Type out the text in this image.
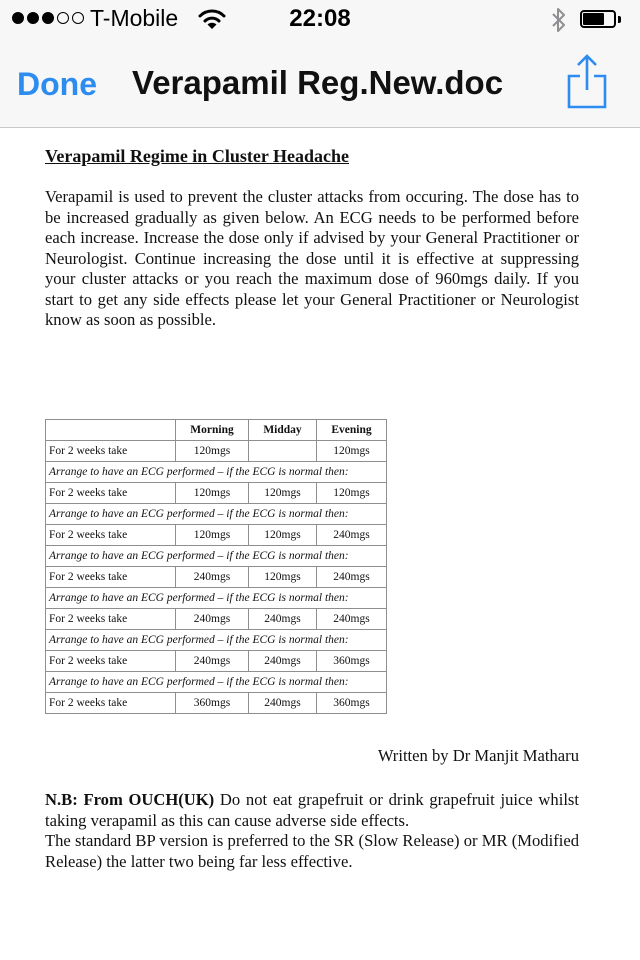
T-Mobile	22:08
Done Verapamil Reg.New.doc

Verapamil Regime in Cluster Headache

Verapamil is used to prevent the cluster attacks from occuring. The dose has to be increased gradually as given below. An ECG needs to be performed before each increase. Increase the dose only if advised by your General Practitioner or Neurologist. Continue increasing the dose until it is effective at suppressing your cluster attacks or you reach the maximum dose of 960mgs daily. If you start to get any side effects please let your General Practitioner or Neurologist know as soon as possible.

	Morning	Midday	Evening
For 2 weeks take	120mgs		120mgs
Arrange to have an ECG performed – if the ECG is normal then:			
For 2 weeks take	120mgs	120mgs	120mgs
Arrange to have an ECG performed – if the ECG is normal then:			
For 2 weeks take	120mgs	120mgs	240mgs
Arrange to have an ECG performed – if the ECG is normal then:			
For 2 weeks take	240mgs	120mgs	240mgs
Arrange to have an ECG performed – if the ECG is normal then:			
For 2 weeks take	240mgs	240mgs	240mgs
Arrange to have an ECG performed – if the ECG is normal then:			
For 2 weeks take	240mgs	240mgs	360mgs
Arrange to have an ECG performed – if the ECG is normal then:			
For 2 weeks take	360mgs	240mgs	360mgs
Written by Dr Manjit Matharu

N.B: From OUCH(UK) Do not eat grapefruit or drink grapefruit juice whilst taking verapamil as this can cause adverse side effects.

The standard BP version is preferred to the SR (Slow Release) or MR (Modified Release) the latter two being far less effective.
